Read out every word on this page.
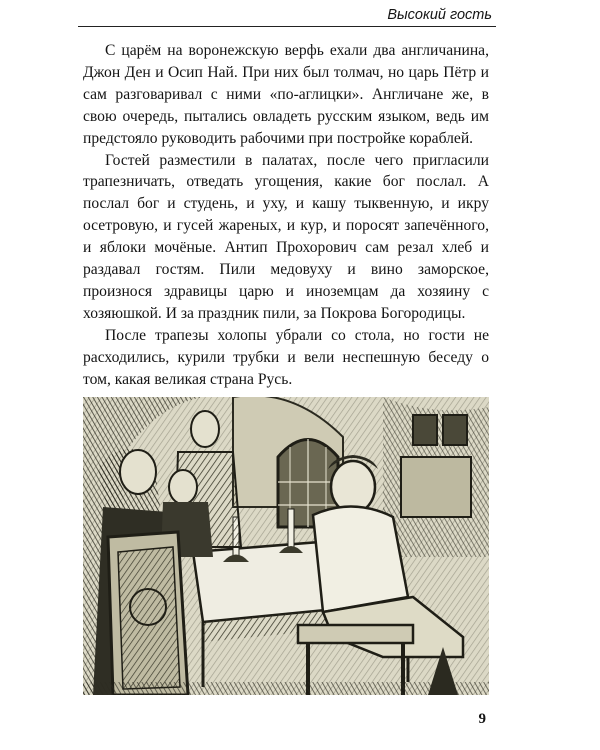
Высокий гость

С царём на воронежскую верфь ехали два англичанина, Джон Ден и Осип Най. При них был толмач, но царь Пётр и сам разговаривал с ними «по-аглицки». Англичане же, в свою очередь, пытались овладеть русским языком, ведь им предстояло руководить рабочими при постройке кораблей.

Гостей разместили в палатах, после чего пригласили трапезничать, отведать угощения, какие бог послал. А послал бог и студень, и уху, и кашу тыквенную, и икру осетровую, и гусей жареных, и кур, и поросят запечённого, и яблоки мочёные. Антип Прохорович сам резал хлеб и раздавал гостям. Пили медовуху и вино заморское, произнося здравицы царю и иноземцам да хозяину с хозяюшкой. И за праздник пили, за Покрова Богородицы.

После трапезы холопы убрали со стола, но гости не расходились, курили трубки и вели неспешную беседу о том, какая великая страна Русь.

9
